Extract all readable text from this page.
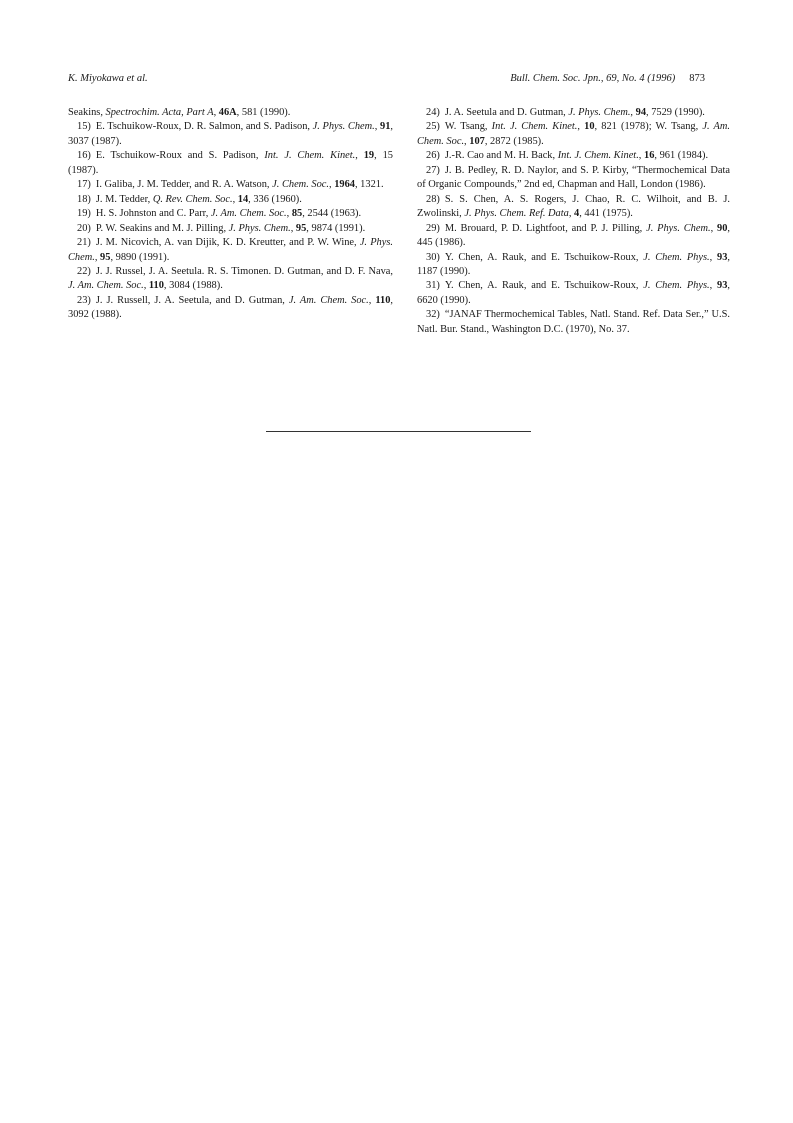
K. Miyokawa et al.	Bull. Chem. Soc. Jpn., 69, No. 4 (1996) 873

Seakins, Spectrochim. Acta, Part A, 46A, 581 (1990).

15) E. Tschuikow-Roux, D. R. Salmon, and S. Padison, J. Phys. Chem., 91, 3037 (1987).

16) E. Tschuikow-Roux and S. Padison, Int. J. Chem. Kinet., 19, 15 (1987).

17) I. Galiba, J. M. Tedder, and R. A. Watson, J. Chem. Soc., 1964, 1321.

18) J. M. Tedder, Q. Rev. Chem. Soc., 14, 336 (1960).

19) H. S. Johnston and C. Parr, J. Am. Chem. Soc., 85, 2544 (1963).

20) P. W. Seakins and M. J. Pilling, J. Phys. Chem., 95, 9874 (1991).

21) J. M. Nicovich, A. van Dijik, K. D. Kreutter, and P. W. Wine, J. Phys. Chem., 95, 9890 (1991).

22) J. J. Russel, J. A. Seetula. R. S. Timonen. D. Gutman, and D. F. Nava, J. Am. Chem. Soc., 110, 3084 (1988).

23) J. J. Russell, J. A. Seetula, and D. Gutman, J. Am. Chem. Soc., 110, 3092 (1988).

24) J. A. Seetula and D. Gutman, J. Phys. Chem., 94, 7529 (1990).

25) W. Tsang, Int. J. Chem. Kinet., 10, 821 (1978); W. Tsang, J. Am. Chem. Soc., 107, 2872 (1985).

26) J.-R. Cao and M. H. Back, Int. J. Chem. Kinet., 16, 961 (1984).

27) J. B. Pedley, R. D. Naylor, and S. P. Kirby, “Thermochemical Data of Organic Compounds,” 2nd ed, Chapman and Hall, London (1986).

28) S. S. Chen, A. S. Rogers, J. Chao, R. C. Wilhoit, and B. J. Zwolinski, J. Phys. Chem. Ref. Data, 4, 441 (1975).

29) M. Brouard, P. D. Lightfoot, and P. J. Pilling, J. Phys. Chem., 90, 445 (1986).

30) Y. Chen, A. Rauk, and E. Tschuikow-Roux, J. Chem. Phys., 93, 1187 (1990).

31) Y. Chen, A. Rauk, and E. Tschuikow-Roux, J. Chem. Phys., 93, 6620 (1990).

32) “JANAF Thermochemical Tables, Natl. Stand. Ref. Data Ser.,” U.S. Natl. Bur. Stand., Washington D.C. (1970), No. 37.
